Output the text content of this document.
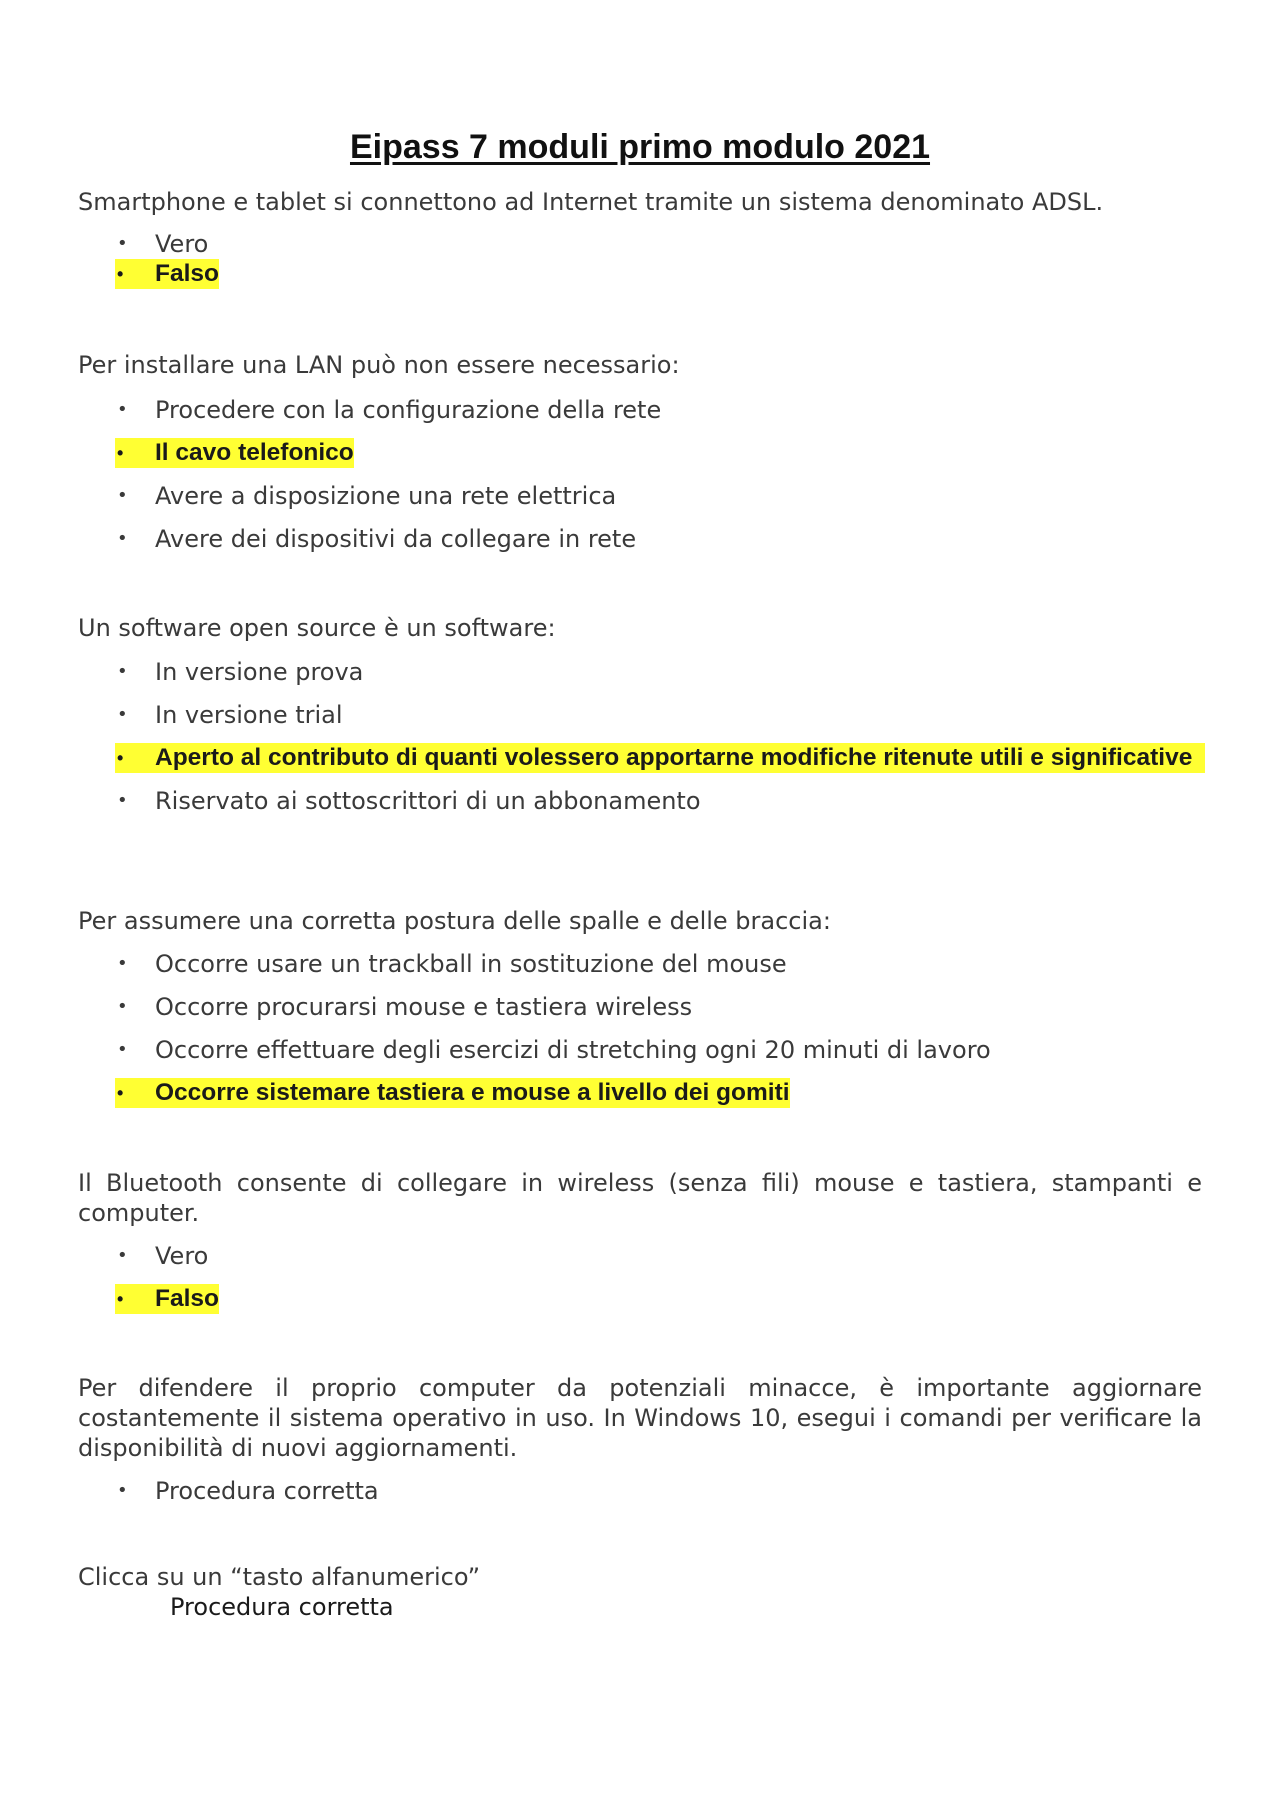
Eipass 7 moduli primo modulo 2021

Smartphone e tablet si connettono ad Internet tramite un sistema denominato ADSL.

•	Vero
•	Falso

Per installare una LAN può non essere necessario:

•	Procedere con la configurazione della rete
•	Il cavo telefonico
•	Avere a disposizione una rete elettrica
•	Avere dei dispositivi da collegare in rete

Un software open source è un software:

•	In versione prova
•	In versione trial
•	Aperto al contributo di quanti volessero apportarne modifiche ritenute utili e significative
•	Riservato ai sottoscrittori di un abbonamento

Per assumere una corretta postura delle spalle e delle braccia:

•	Occorre usare un trackball in sostituzione del mouse
•	Occorre procurarsi mouse e tastiera wireless
•	Occorre effettuare degli esercizi di stretching ogni 20 minuti di lavoro
•	Occorre sistemare tastiera e mouse a livello dei gomiti

Il Bluetooth consente di collegare in wireless (senza fili) mouse e tastiera, stampanti e computer.

•	Vero
•	Falso

Per difendere il proprio computer da potenziali minacce, è importante aggiornare costantemente il sistema operativo in uso. In Windows 10, esegui i comandi per verificare la disponibilità di nuovi aggiornamenti.

•	Procedura corretta

Clicca su un “tasto alfanumerico”

Procedura corretta
